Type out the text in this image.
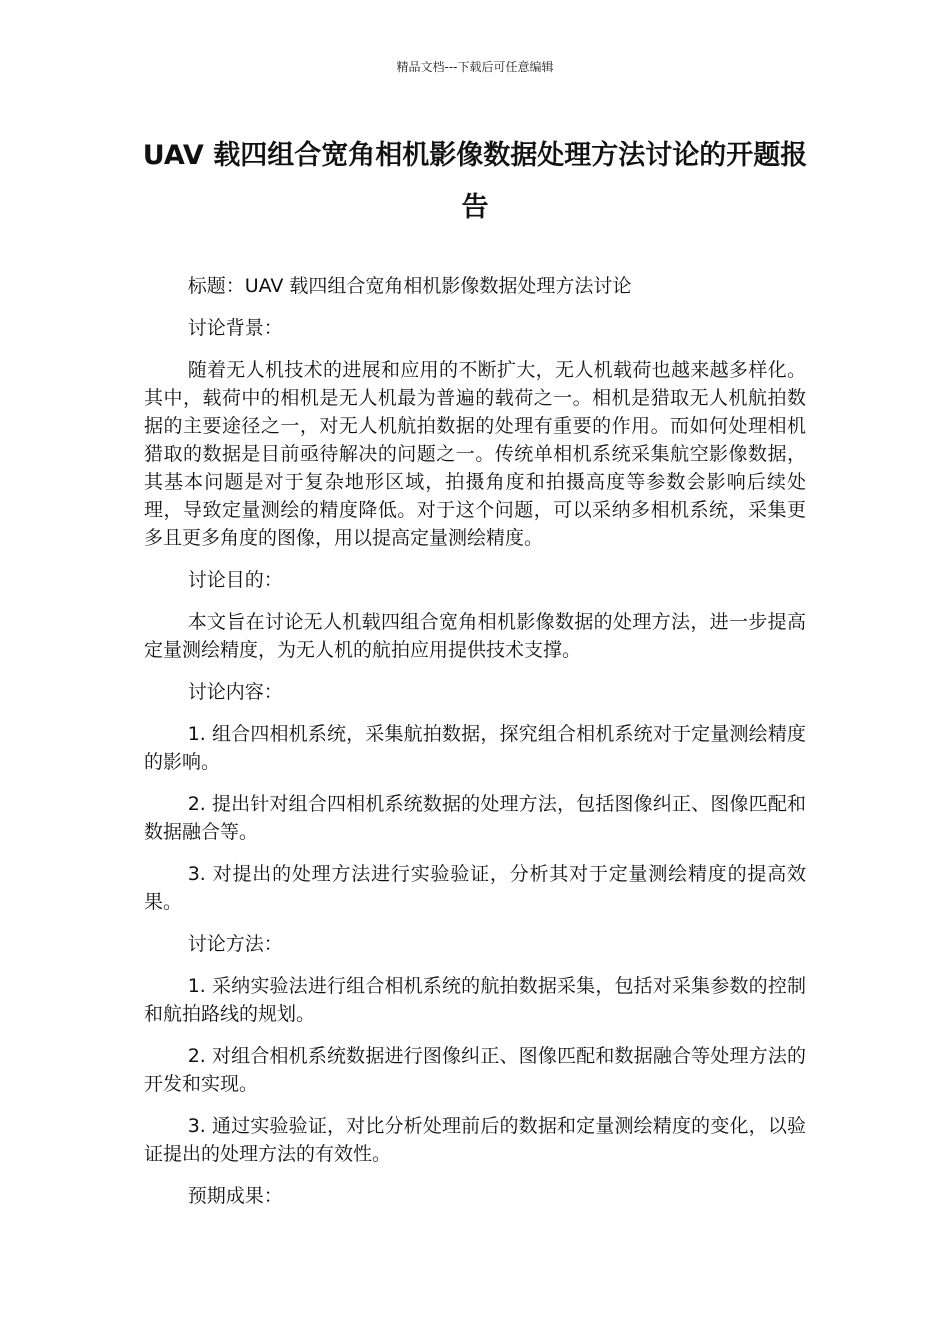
精品文档---下载后可任意编辑
UAV 载四组合宽角相机影像数据处理方法讨论的开题报告

标题：UAV 载四组合宽角相机影像数据处理方法讨论

讨论背景：

随着无人机技术的进展和应用的不断扩大，无人机载荷也越来越多样化。其中，载荷中的相机是无人机最为普遍的载荷之一。相机是猎取无人机航拍数据的主要途径之一，对无人机航拍数据的处理有重要的作用。而如何处理相机猎取的数据是目前亟待解决的问题之一。传统单相机系统采集航空影像数据，其基本问题是对于复杂地形区域，拍摄角度和拍摄高度等参数会影响后续处理，导致定量测绘的精度降低。对于这个问题，可以采纳多相机系统，采集更多且更多角度的图像，用以提高定量测绘精度。

讨论目的：

本文旨在讨论无人机载四组合宽角相机影像数据的处理方法，进一步提高定量测绘精度，为无人机的航拍应用提供技术支撑。

讨论内容：

1. 组合四相机系统，采集航拍数据，探究组合相机系统对于定量测绘精度的影响。

2. 提出针对组合四相机系统数据的处理方法，包括图像纠正、图像匹配和数据融合等。

3. 对提出的处理方法进行实验验证，分析其对于定量测绘精度的提高效果。

讨论方法：

1. 采纳实验法进行组合相机系统的航拍数据采集，包括对采集参数的控制和航拍路线的规划。

2. 对组合相机系统数据进行图像纠正、图像匹配和数据融合等处理方法的开发和实现。

3. 通过实验验证，对比分析处理前后的数据和定量测绘精度的变化，以验证提出的处理方法的有效性。

预期成果：
